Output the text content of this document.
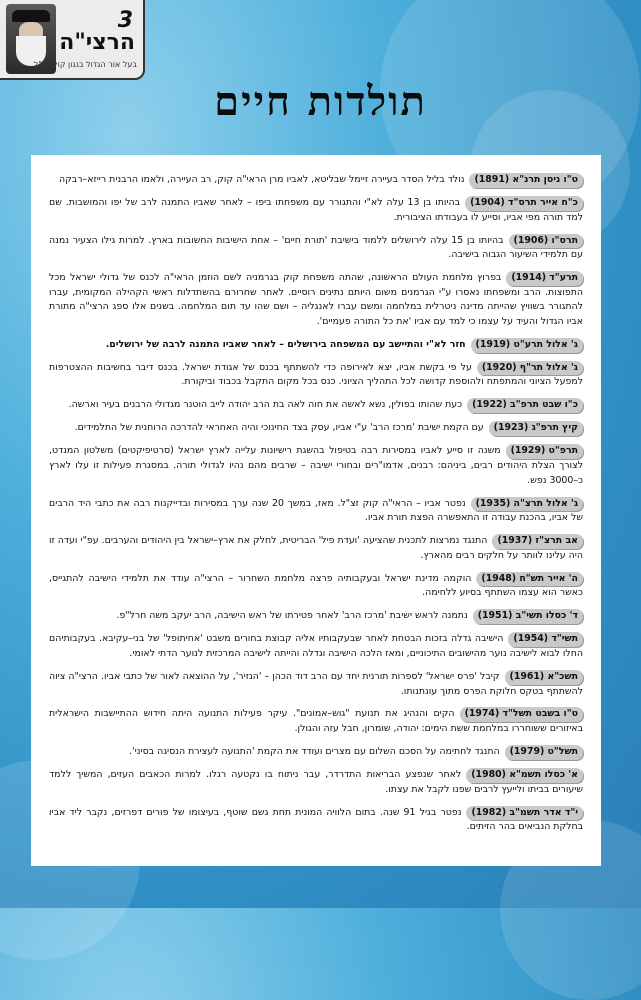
3
הרצי"ה
בעל אור הגדול בנגון קוק זצ"ל
תולדות חיים
ט"ו ניסן תרנ"א (1891)נולד בליל הסדר בעיירה זיימל שבליטא, לאביו מרן הראי"ה קוק, רב העיירה, ולאמו הרבנית רייזא–רבקה
כ"ח אייר תרס"ד (1904)בהיותו בן 13 עלה לא"י והתגורר עם משפחתו ביפו – לאחר שאביו התמנה לרב של יפו והמושבות. שם למד תורה מפי אביו, וסייע לו בעבודתו הציבורית.
תרס"ו (1906)בהיותו בן 15 עלה לירושלים ללמוד בישיבת 'תורת חיים' – אחת הישיבות החשובות בארץ. למרות גילו הצעיר נמנה עם תלמידי השיעור הגבוה בישיבה.
תרע"ד (1914)בפרוץ מלחמת העולם הראשונה, שהתה משפחת קוק בגרמניה לשם הוזמן הראי"ה לכנס של גדולי ישראל מכל התפוצות. הרב ומשפחתו נאסרו ע"י הגרמנים משום היותם נתינים רוסיים. לאחר שחרורם בהשתדלות ראשי הקהילה המקומית, עברו להתגורר בשוויץ שהייתה מדינה ניטרלית במלחמה ומשם עברו לאנגליה – ושם שהו עד תום המלחמה. בשנים אלו ספג הרצי"ה מתורת אביו הגדול והעיד על עצמו כי למד עם אביו 'את כל התורה פעמיים'.
ג' אלול תרע"ט (1919)חזר לא"י והתיישב עם המשפחה בירושלים – לאחר שאביו התמנה לרבה של ירושלים.
ג' אלול תר"ף (1920)על פי בקשת אביו, יצא לאירופה כדי להשתתף בכנס של אגודת ישראל. בכנס דיבר בחשיבות ההצטרפות למפעל הציוני והמתפתח ולהוספת קדושה לכל התהליך הציוני. כנס בכל מקום התקבל בכבוד וביקורת.
כ"ו שבט תרפ"ב (1922)כעת שהותו בפולין, נשא לאשה את חוה לאה בת הרב יהודה לייב הוטנר מגדולי הרבנים בעיר וארשה.
קיץ תרפ"ג (1923)עם הקמת ישיבת 'מרכז הרב' ע"י אביו, עסק בצד החינוכי והיה האחראי להדרכה הרוחנית של התלמידים.
תרפ"ט (1929)משנה זו סייע לאביו במסירות רבה בטיפול בהשגת רישיונות עלייה לארץ ישראל (סרטיפיקטים) משלטון המנדט, לצורך הצלת היהודים רבים, ביניהם: רבנים, אדמו"רים ובחורי ישיבה – שרבים מהם נהיו לגדולי תורה. במסגרת פעילות זו עלו לארץ כ–3000 נפש.
ג' אלול תרצ"ה (1935)נפטר אביו – הראי"ה קוק זצ"ל. מאז, במשך 20 שנה ערך במסירות ובדייקנות רבה את כתבי היד הרבים של אביו, בהכנת עבודה זו התאפשרה הפצת תורת אביו.
אב תרצ"ז (1937)התנגד נמרצות לתכנית שהציעה 'ועדת פיל' הבריטית, לחלק את ארץ–ישראל בין היהודים והערבים. עפ"י ועדה זו היה עלינו לוותר על חלקים רבים מהארץ.
ה' אייר תש"ח (1948)הוקמה מדינת ישראל ובעקבותיה פרצה מלחמת השחרור – הרצי"ה עודד את תלמידי הישיבה להתגייס, כאשר הוא עצמו השתתף בסיוע ללחימה.
ד' כסלו תשי"ב (1951)נתמנה לראש ישיבת 'מרכז הרב' לאחר פטירתו של ראש הישיבה, הרב יעקב משה חרל"פ.
תשי"ד (1954)הישיבה גדלה בזכות הבטחת לאחר שבעקבותיו אליה קבוצת בחורים משבט 'אחיתופל' של בני–עקיבא. בעקבותיהם החלו לבוא לישיבה נוער מהישובים התיכוניים, ומאז הלכה הישיבה וגדלה והייתה לישיבה המרכזית לנוער הדתי לאומי.
תשכ"א (1961)קיבל 'פרס ישראל' לספרות תורנית יחד עם הרב דוד הכהן – 'הנזיר', על ההוצאה לאור של כתבי אביו. הרצי"ה ציוה להשתתף בטקס חלוקת הפרס מתוך עונתנותו.
ט"ו בשבט תשל"ד (1974)הקים והנהיג את תנועת "גוש–אמונים". עיקר פעילות התנועה היתה חידוש ההתיישבות הישראלית באיזורים ששוחררו במלחמת ששת הימים: יהודה, שומרון, חבל עזה והגולן.
תשל"ט (1979)התנגד לחתימה על הסכם השלום עם מצרים ועודד את הקמת 'התנועה לעצירת הנסיגה בסיני'.
א' כסלו תשמ"א (1980)לאחר שנפצע הבריאות התדרדר, עבר ניתוח בו נקטעה רגלו. למרות הכאבים העזים, המשיך ללמד שיעורים בביתו ולייעץ לרבים שפנו לקבל את עצתו.
י"ד אדר תשמ"ב (1982)נפטר בגיל 91 שנה. בתום הלוויה המונית תחת גשם שוטף, בעיצומו של פורים דפרזים, נקבר ליד אביו בחלקת הנביאים בהר הזיתים.
